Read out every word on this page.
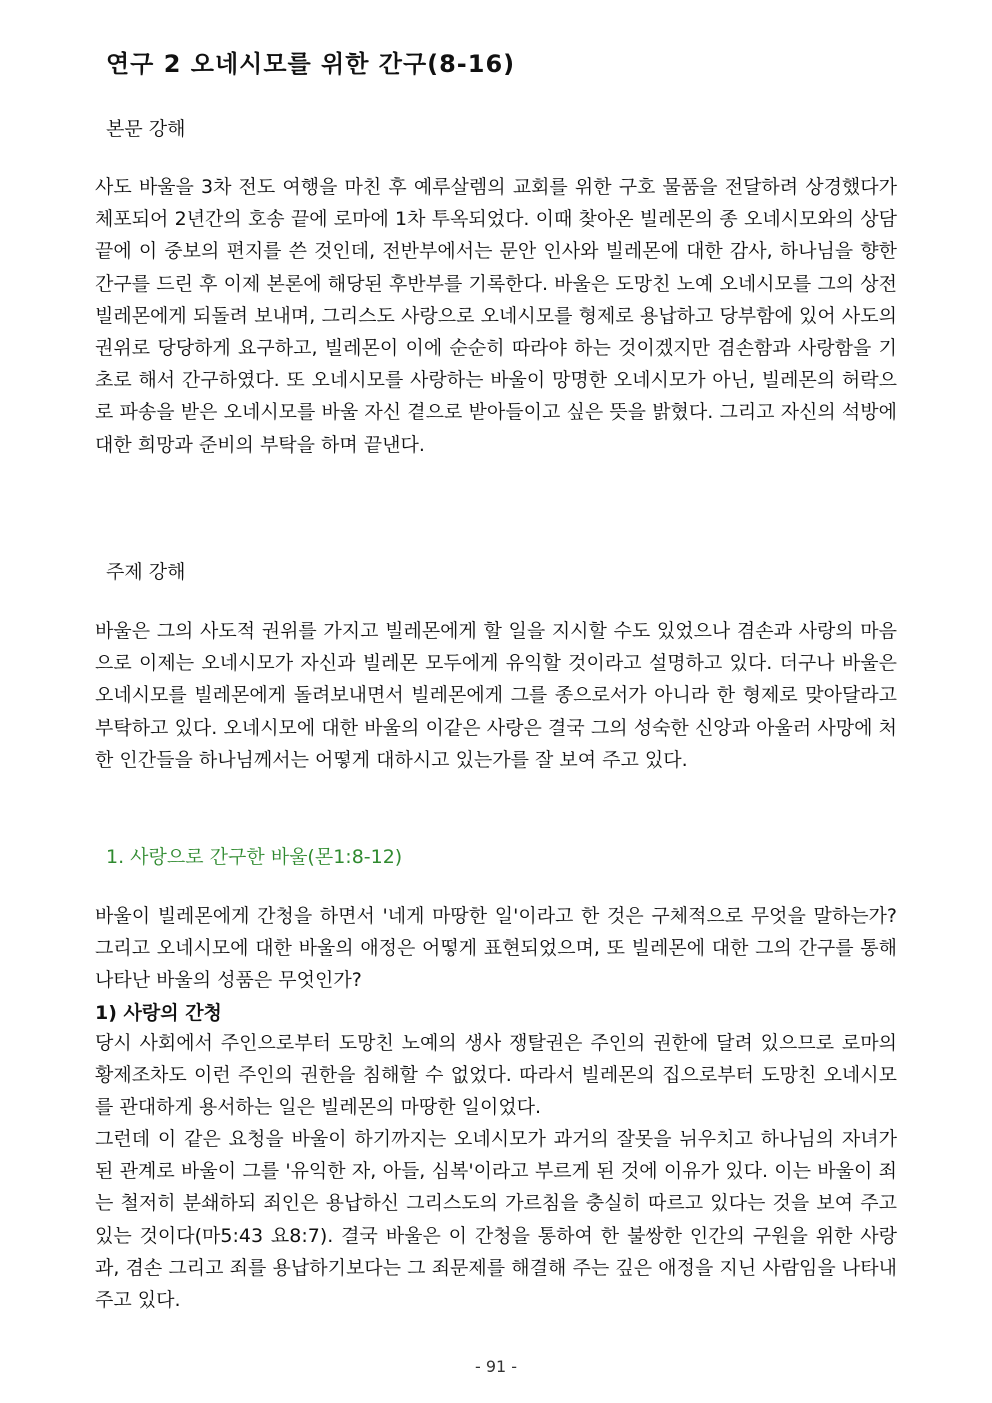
연구 2 오네시모를 위한 간구(8-16)
본문 강해

사도 바울을 3차 전도 여행을 마친 후 예루살렘의 교회를 위한 구호 물품을 전달하려 상경했다가 체포되어 2년간의 호송 끝에 로마에 1차 투옥되었다. 이때 찾아온 빌레몬의 종 오네시모와의 상담 끝에 이 중보의 편지를 쓴 것인데, 전반부에서는 문안 인사와 빌레몬에 대한 감사, 하나님을 향한 간구를 드린 후 이제 본론에 해당된 후반부를 기록한다. 바울은 도망친 노예 오네시모를 그의 상전 빌레몬에게 되돌려 보내며, 그리스도 사랑으로 오네시모를 형제로 용납하고 당부함에 있어 사도의 권위로 당당하게 요구하고, 빌레몬이 이에 순순히 따라야 하는 것이겠지만 겸손함과 사랑함을 기초로 해서 간구하였다. 또 오네시모를 사랑하는 바울이 망명한 오네시모가 아닌, 빌레몬의 허락으로 파송을 받은 오네시모를 바울 자신 곁으로 받아들이고 싶은 뜻을 밝혔다. 그리고 자신의 석방에 대한 희망과 준비의 부탁을 하며 끝낸다.

주제 강해

바울은 그의 사도적 권위를 가지고 빌레몬에게 할 일을 지시할 수도 있었으나 겸손과 사랑의 마음으로 이제는 오네시모가 자신과 빌레몬 모두에게 유익할 것이라고 설명하고 있다. 더구나 바울은 오네시모를 빌레몬에게 돌려보내면서 빌레몬에게 그를 종으로서가 아니라 한 형제로 맞아달라고 부탁하고 있다. 오네시모에 대한 바울의 이같은 사랑은 결국 그의 성숙한 신앙과 아울러 사망에 처한 인간들을 하나님께서는 어떻게 대하시고 있는가를 잘 보여 주고 있다.

1. 사랑으로 간구한 바울(몬1:8-12)

바울이 빌레몬에게 간청을 하면서 '네게 마땅한 일'이라고 한 것은 구체적으로 무엇을 말하는가? 그리고 오네시모에 대한 바울의 애정은 어떻게 표현되었으며, 또 빌레몬에 대한 그의 간구를 통해 나타난 바울의 성품은 무엇인가?

1) 사랑의 간청

당시 사회에서 주인으로부터 도망친 노예의 생사 쟁탈권은 주인의 권한에 달려 있으므로 로마의 황제조차도 이런 주인의 권한을 침해할 수 없었다. 따라서 빌레몬의 집으로부터 도망친 오네시모를 관대하게 용서하는 일은 빌레몬의 마땅한 일이었다.

그런데 이 같은 요청을 바울이 하기까지는 오네시모가 과거의 잘못을 뉘우치고 하나님의 자녀가 된 관계로 바울이 그를 '유익한 자, 아들, 심복'이라고 부르게 된 것에 이유가 있다. 이는 바울이 죄는 철저히 분쇄하되 죄인은 용납하신 그리스도의 가르침을 충실히 따르고 있다는 것을 보여 주고 있는 것이다(마5:43 요8:7). 결국 바울은 이 간청을 통하여 한 불쌍한 인간의 구원을 위한 사랑과, 겸손 그리고 죄를 용납하기보다는 그 죄문제를 해결해 주는 깊은 애정을 지닌 사람임을 나타내 주고 있다.

- 91 -
